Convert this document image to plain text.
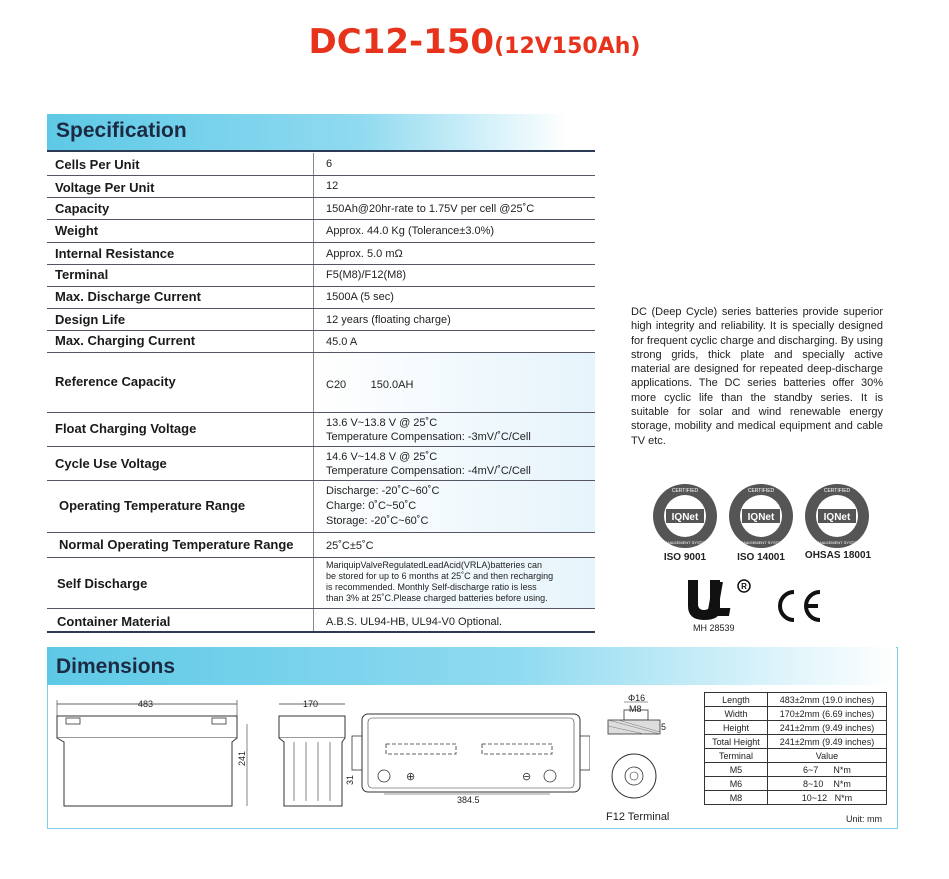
DC12-150(12V150Ah)
Specification
Cells Per Unit	6
Voltage Per Unit	12
Capacity	150Ah@20hr-rate to 1.75V per cell @25˚C
Weight	Approx. 44.0 Kg (Tolerance±3.0%)
Internal Resistance	Approx. 5.0 mΩ
Terminal	F5(M8)/F12(M8)
Max. Discharge Current	1500A (5 sec)
Design Life	12 years (floating charge)
Max. Charging Current	45.0 A
Reference Capacity	C20        150.0AH
Float Charging Voltage	13.6 V~13.8 V @ 25˚C
Temperature Compensation: -3mV/˚C/Cell
Cycle Use Voltage	14.6 V~14.8 V @ 25˚C
Temperature Compensation: -4mV/˚C/Cell
Operating Temperature Range
Discharge: -20˚C~60˚C
Charge: 0˚C~50˚C
Storage: -20˚C~60˚C
Normal Operating Temperature Range	25˚C±5˚C
Self Discharge
MariquipValveRegulatedLeadAcid(VRLA)batteries can
be stored for up to 6 months at 25˚C and then recharging
is recommended. Monthly Self-discharge ratio is less
than 3% at 25˚C.Please charged batteries before using.
Container Material	A.B.S. UL94-HB, UL94-V0 Optional.
DC (Deep Cycle) series batteries provide superior high integrity and reliability. It is specially designed for frequent cyclic charge and discharging. By using strong grids, thick plate and specially active material are designed for repeated deep-discharge applications. The DC series batteries offer 30% more cyclic life than the standby series. It is suitable for solar and wind renewable energy storage, mobility and medical equipment and cable TV etc.
IQNet
CERTIFIED
MANAGEMENT SYSTEM
IQNet
CERTIFIED
MANAGEMENT SYSTEM
IQNet
CERTIFIED
MANAGEMENT SYSTEM
ISO 9001	ISO 14001	OHSAS 18001
R
MH 28539
Dimensions
483
241
170
⊕	⊖
384.5
31
Φ16
M8
5
F12 Terminal
Length	483±2mm (19.0 inches)
Width	170±2mm (6.69 inches)
Height	241±2mm (9.49 inches)
Total Height	241±2mm (9.49 inches)
Terminal	Value
M5	6~7      N*m
M6	8~10    N*m
M8	10~12   N*m
Unit: mm
